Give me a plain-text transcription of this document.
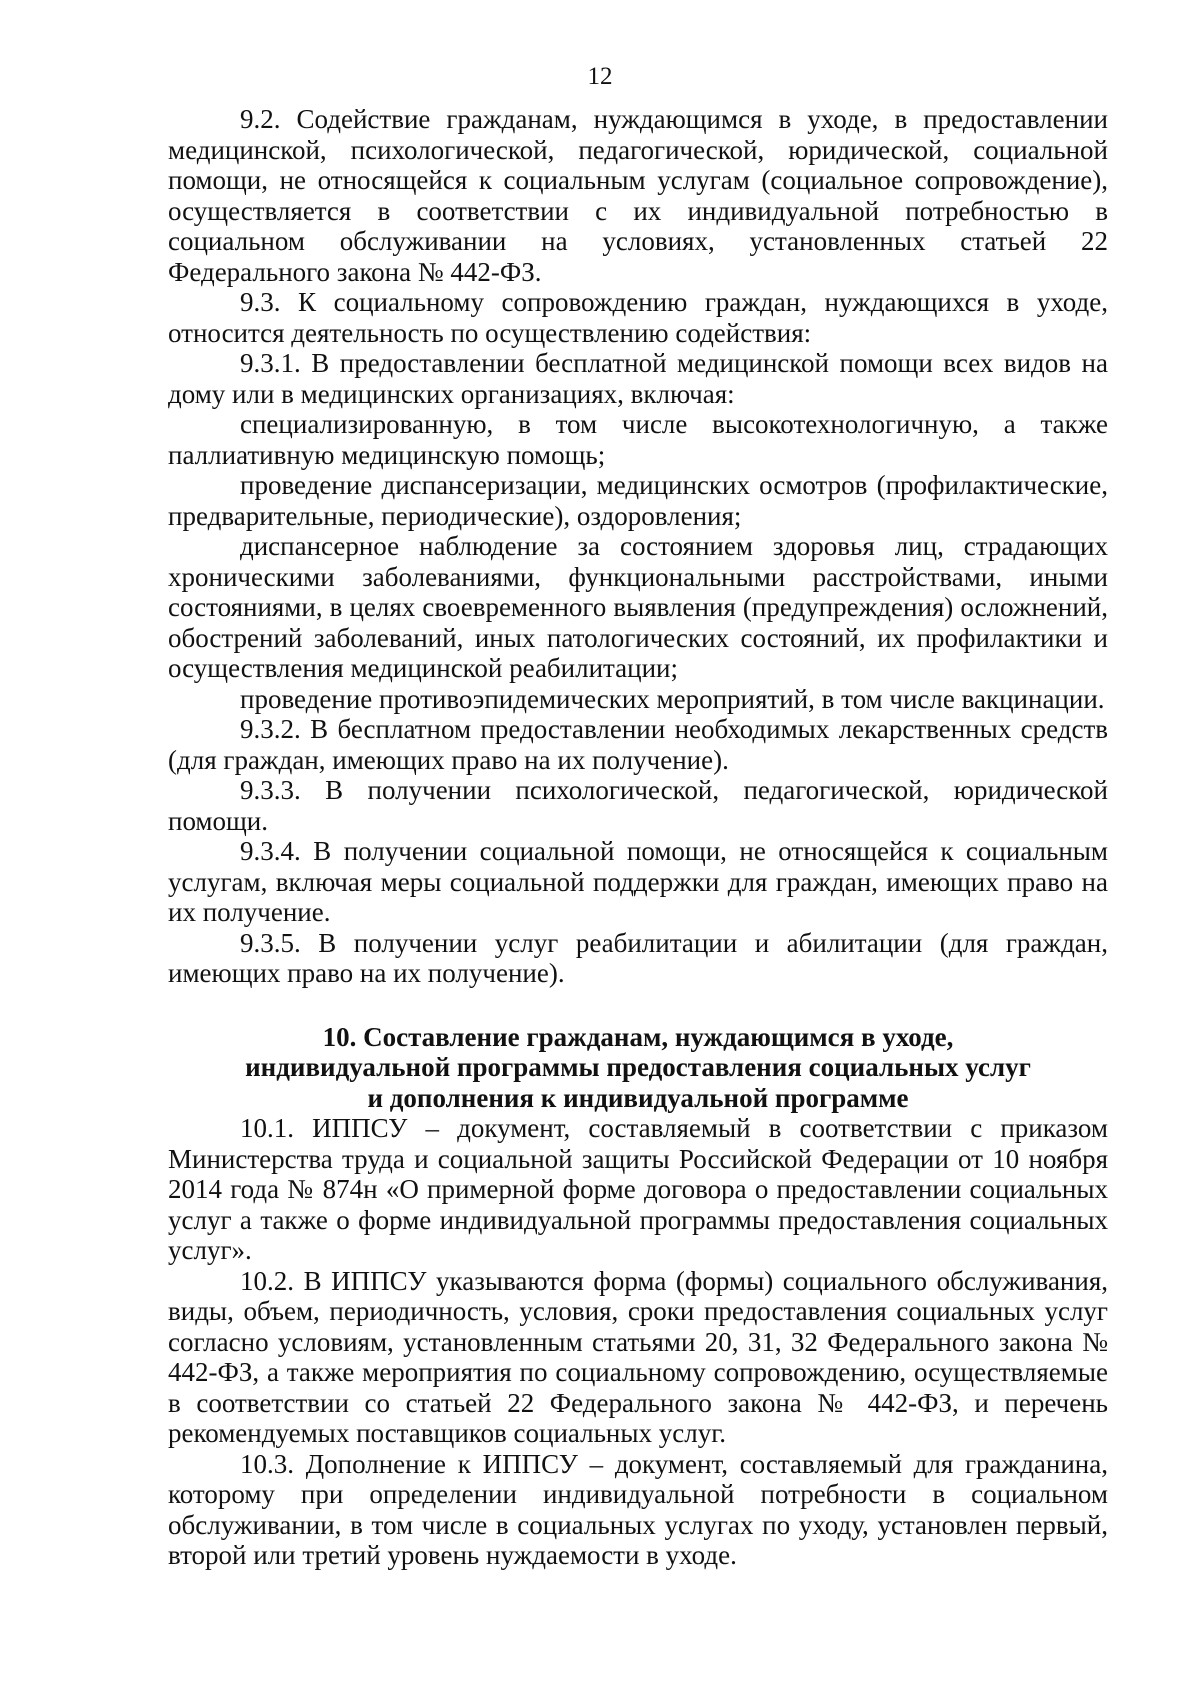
12

9.2. Содействие гражданам, нуждающимся в уходе, в предоставлении медицинской, психологической, педагогической, юридической, социальной помощи, не относящейся к социальным услугам (социальное сопровождение), осуществляется в соответствии с их индивидуальной потребностью в социальном обслуживании на условиях, установленных статьей 22 Федерального закона № 442-ФЗ.

9.3. К социальному сопровождению граждан, нуждающихся в уходе, относится деятельность по осуществлению содействия:

9.3.1. В предоставлении бесплатной медицинской помощи всех видов на дому или в медицинских организациях, включая:

специализированную, в том числе высокотехнологичную, а также паллиативную медицинскую помощь;

проведение диспансеризации, медицинских осмотров (профилактические, предварительные, периодические), оздоровления;

диспансерное наблюдение за состоянием здоровья лиц, страдающих хроническими заболеваниями, функциональными расстройствами, иными состояниями, в целях своевременного выявления (предупреждения) осложнений, обострений заболеваний, иных патологических состояний, их профилактики и осуществления медицинской реабилитации;

проведение противоэпидемических мероприятий, в том числе вакцинации.

9.3.2. В бесплатном предоставлении необходимых лекарственных средств (для граждан, имеющих право на их получение).

9.3.3. В получении психологической, педагогической, юридической помощи.

9.3.4. В получении социальной помощи, не относящейся к социальным услугам, включая меры социальной поддержки для граждан, имеющих право на их получение.

9.3.5. В получении услуг реабилитации и абилитации (для граждан, имеющих право на их получение).

10. Составление гражданам, нуждающимся в уходе,
индивидуальной программы предоставления социальных услуг
и дополнения к индивидуальной программе

10.1. ИППСУ – документ, составляемый в соответствии с приказом Министерства труда и социальной защиты Российской Федерации от 10 ноября 2014 года № 874н «О примерной форме договора о предоставлении социальных услуг а также о форме индивидуальной программы предоставления социальных услуг».

10.2. В ИППСУ указываются форма (формы) социального обслуживания, виды, объем, периодичность, условия, сроки предоставления социальных услуг согласно условиям, установленным статьями 20, 31, 32 Федерального закона № 442-ФЗ, а также мероприятия по социальному сопровождению, осуществляемые в соответствии со статьей 22 Федерального закона № 442-ФЗ, и перечень рекомендуемых поставщиков социальных услуг.

10.3. Дополнение к ИППСУ – документ, составляемый для гражданина, которому при определении индивидуальной потребности в социальном обслуживании, в том числе в социальных услугах по уходу, установлен первый, второй или третий уровень нуждаемости в уходе.
